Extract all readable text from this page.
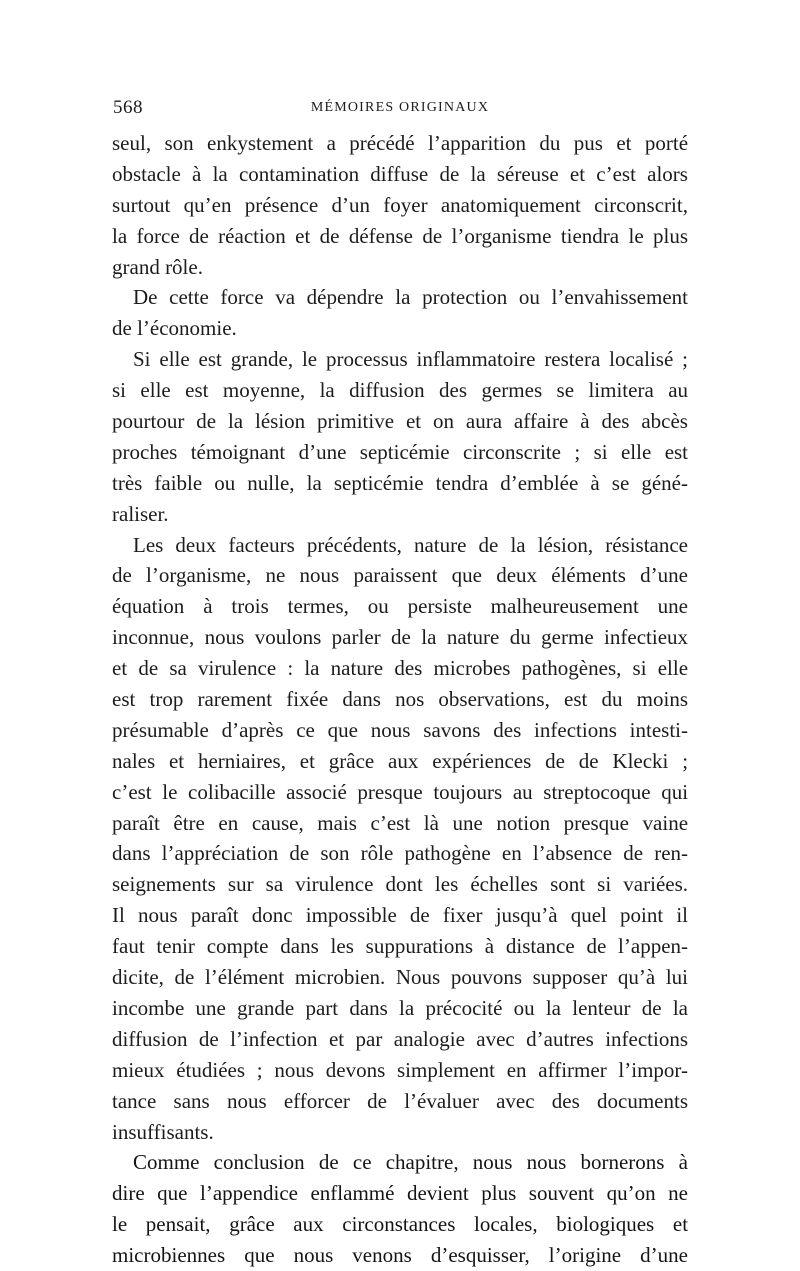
568	MÉMOIRES ORIGINAUX
seul, son enkystement a précédé l’apparition du pus et porté
obstacle à la contamination diffuse de la séreuse et c’est alors
surtout qu’en présence d’un foyer anatomiquement circonscrit,
la force de réaction et de défense de l’organisme tiendra le plus
grand rôle.
De cette force va dépendre la protection ou l’envahissement
de l’économie.
Si elle est grande, le processus inflammatoire restera localisé ;
si elle est moyenne, la diffusion des germes se limitera au
pourtour de la lésion primitive et on aura affaire à des abcès
proches témoignant d’une septicémie circonscrite ; si elle est
très faible ou nulle, la septicémie tendra d’emblée à se géné-
raliser.
Les deux facteurs précédents, nature de la lésion, résistance
de l’organisme, ne nous paraissent que deux éléments d’une
équation à trois termes, ou persiste malheureusement une
inconnue, nous voulons parler de la nature du germe infectieux
et de sa virulence : la nature des microbes pathogènes, si elle
est trop rarement fixée dans nos observations, est du moins
présumable d’après ce que nous savons des infections intesti-
nales et herniaires, et grâce aux expériences de de Klecki ;
c’est le colibacille associé presque toujours au streptocoque qui
paraît être en cause, mais c’est là une notion presque vaine
dans l’appréciation de son rôle pathogène en l’absence de ren-
seignements sur sa virulence dont les échelles sont si variées.
Il nous paraît donc impossible de fixer jusqu’à quel point il
faut tenir compte dans les suppurations à distance de l’appen-
dicite, de l’élément microbien. Nous pouvons supposer qu’à lui
incombe une grande part dans la précocité ou la lenteur de la
diffusion de l’infection et par analogie avec d’autres infections
mieux étudiées ; nous devons simplement en affirmer l’impor-
tance sans nous efforcer de l’évaluer avec des documents
insuffisants.
Comme conclusion de ce chapitre, nous nous bornerons à
dire que l’appendice enflammé devient plus souvent qu’on ne
le pensait, grâce aux circonstances locales, biologiques et
microbiennes que nous venons d’esquisser, l’origine d’une
